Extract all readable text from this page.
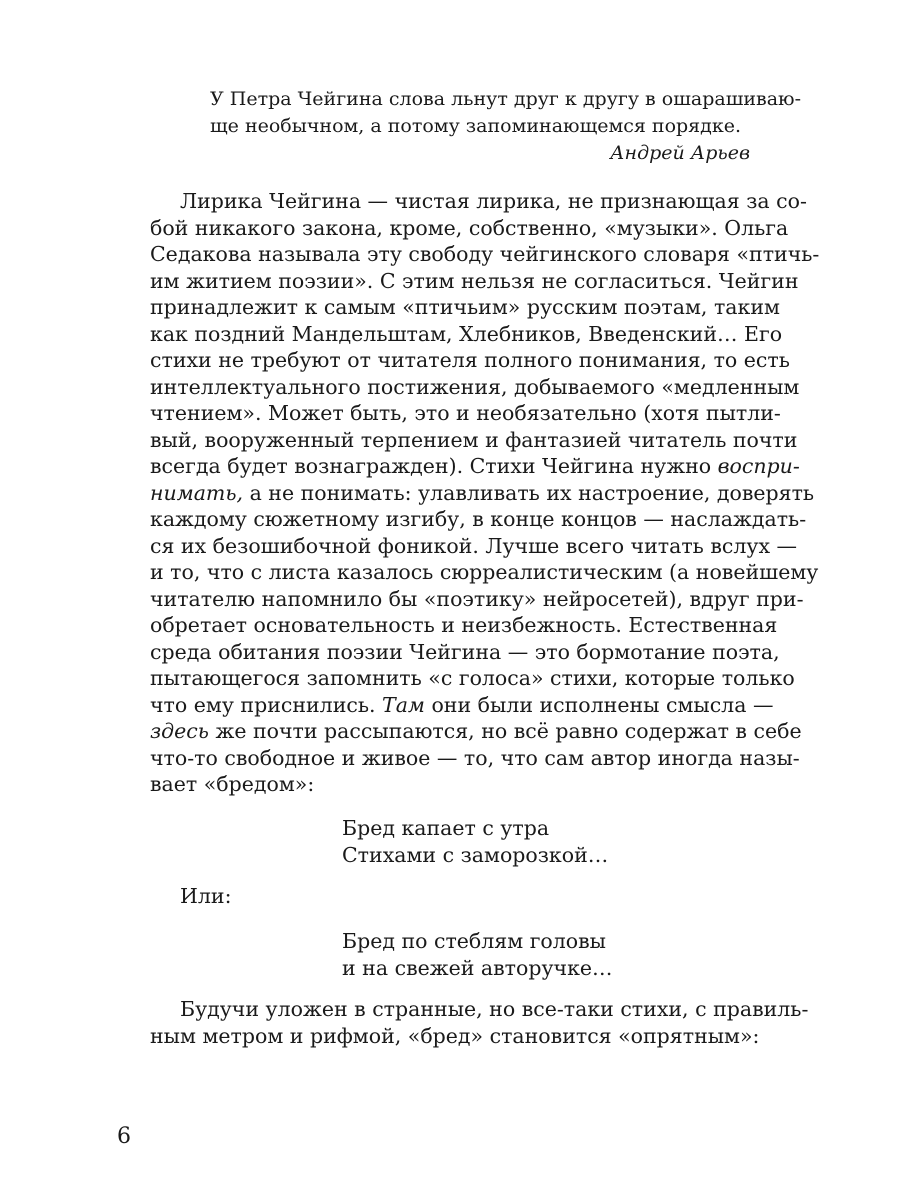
У Петра Чейгина слова льнут друг к другу в ошарашиваю-
ще необычном, а потому запоминающемся порядке.
Андрей Арьев
Лирика Чейгина — чистая лирика, не признающая за со-
бой никакого закона, кроме, собственно, «музыки». Ольга
Седакова называла эту свободу чейгинского словаря «птичь-
им житием поэзии». С этим нельзя не согласиться. Чейгин
принадлежит к самым «птичьим» русским поэтам, таким
как поздний Мандельштам, Хлебников, Введенский… Его
стихи не требуют от читателя полного понимания, то есть
интеллектуального постижения, добываемого «медленным
чтением». Может быть, это и необязательно (хотя пытли-
вый, вооруженный терпением и фантазией читатель почти
всегда будет вознагражден). Стихи Чейгина нужно воспри-
нимать, а не понимать: улавливать их настроение, доверять
каждому сюжетному изгибу, в конце концов — наслаждать-
ся их безошибочной фоникой. Лучше всего читать вслух —
и то, что с листа казалось сюрреалистическим (а новейшему
читателю напомнило бы «поэтику» нейросетей), вдруг при-
обретает основательность и неизбежность. Естественная
среда обитания поэзии Чейгина — это бормотание поэта,
пытающегося запомнить «с голоса» стихи, которые только
что ему приснились. Там они были исполнены смысла —
здесь же почти рассыпаются, но всё равно содержат в себе
что-то свободное и живое — то, что сам автор иногда назы-
вает «бредом»:
Бред капает с утра
Стихами с заморозкой…
Или:
Бред по стеблям головы
и на свежей авторучке…
Будучи уложен в странные, но все-таки стихи, с правиль-
ным метром и рифмой, «бред» становится «опрятным»:
6
